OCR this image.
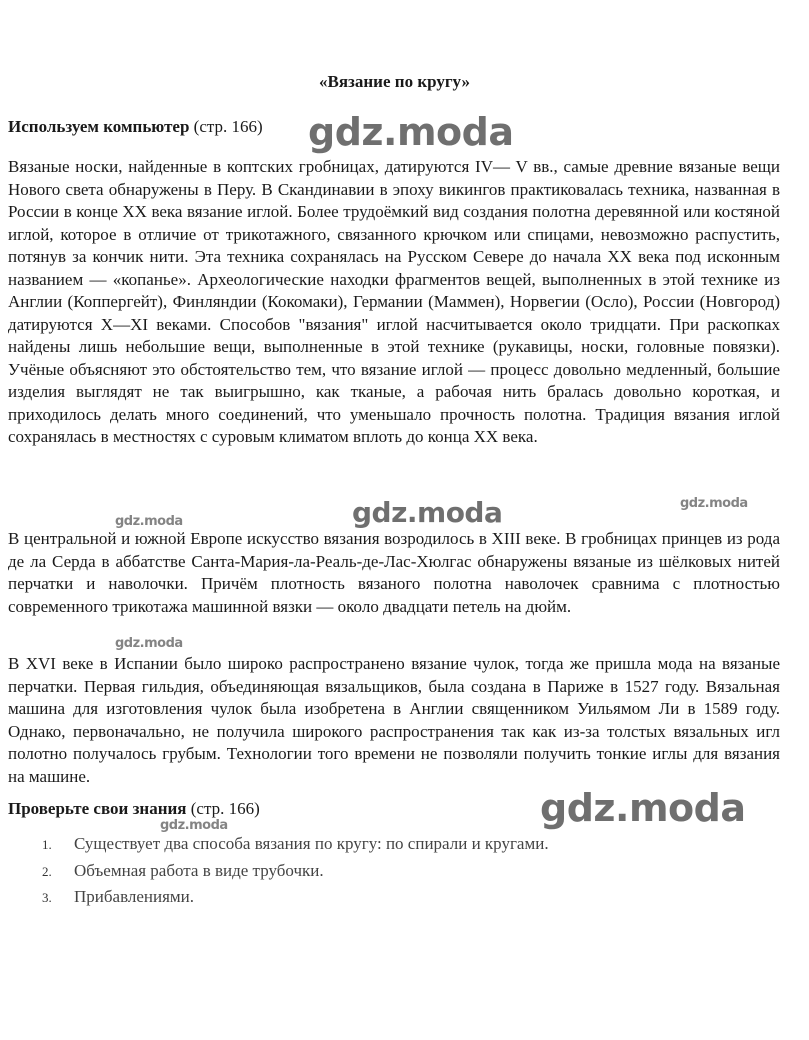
«Вязание по кругу»
Используем компьютер (стр. 166)

Вязаные носки, найденные в коптских гробницах, датируются IV— V вв., самые древние вязаные вещи Нового света обнаружены в Перу. В Скандинавии в эпоху викингов практиковалась техника, названная в России в конце XX века вязание иглой. Более трудоёмкий вид создания полотна деревянной или костяной иглой, которое в отличие от трикотажного, связанного крючком или спицами, невозможно распустить, потянув за кончик нити. Эта техника сохранялась на Русском Севере до начала XX века под исконным названием — «копанье». Археологические находки фрагментов вещей, выполненных в этой технике из Англии (Коппергейт), Финляндии (Кокомаки), Германии (Маммен), Норвегии (Осло), России (Новгород) датируются X—XI веками. Способов "вязания" иглой насчитывается около тридцати. При раскопках найдены лишь небольшие вещи, выполненные в этой технике (рукавицы, носки, головные повязки). Учёные объясняют это обстоятельство тем, что вязание иглой — процесс довольно медленный, большие изделия выглядят не так выигрышно, как тканые, а рабочая нить бралась довольно короткая, и приходилось делать много соединений, что уменьшало прочность полотна. Традиция вязания иглой сохранялась в местностях с суровым климатом вплоть до конца XX века.

В центральной и южной Европе искусство вязания возродилось в XIII веке. В гробницах принцев из рода де ла Серда в аббатстве Санта-Мария-ла-Реаль-де-Лас-Хюлгас обнаружены вязаные из шёлковых нитей перчатки и наволочки. Причём плотность вязаного полотна наволочек сравнима с плотностью современного трикотажа машинной вязки — около двадцати петель на дюйм.

В XVI веке в Испании было широко распространено вязание чулок, тогда же пришла мода на вязаные перчатки. Первая гильдия, объединяющая вязальщиков, была создана в Париже в 1527 году. Вязальная машина для изготовления чулок была изобретена в Англии священником Уильямом Ли в 1589 году. Однако, первоначально, не получила широкого распространения так как из-за толстых вязальных игл полотно получалось грубым. Технологии того времени не позволяли получить тонкие иглы для вязания на машине.

Проверьте свои знания (стр. 166)
1. Существует два способа вязания по кругу: по спирали и кругами.
2. Объемная работа в виде трубочки.
3. Прибавлениями.
gdz.moda
gdz.moda
gdz.moda
gdz.moda
gdz.moda
gdz.moda
gdz.moda
